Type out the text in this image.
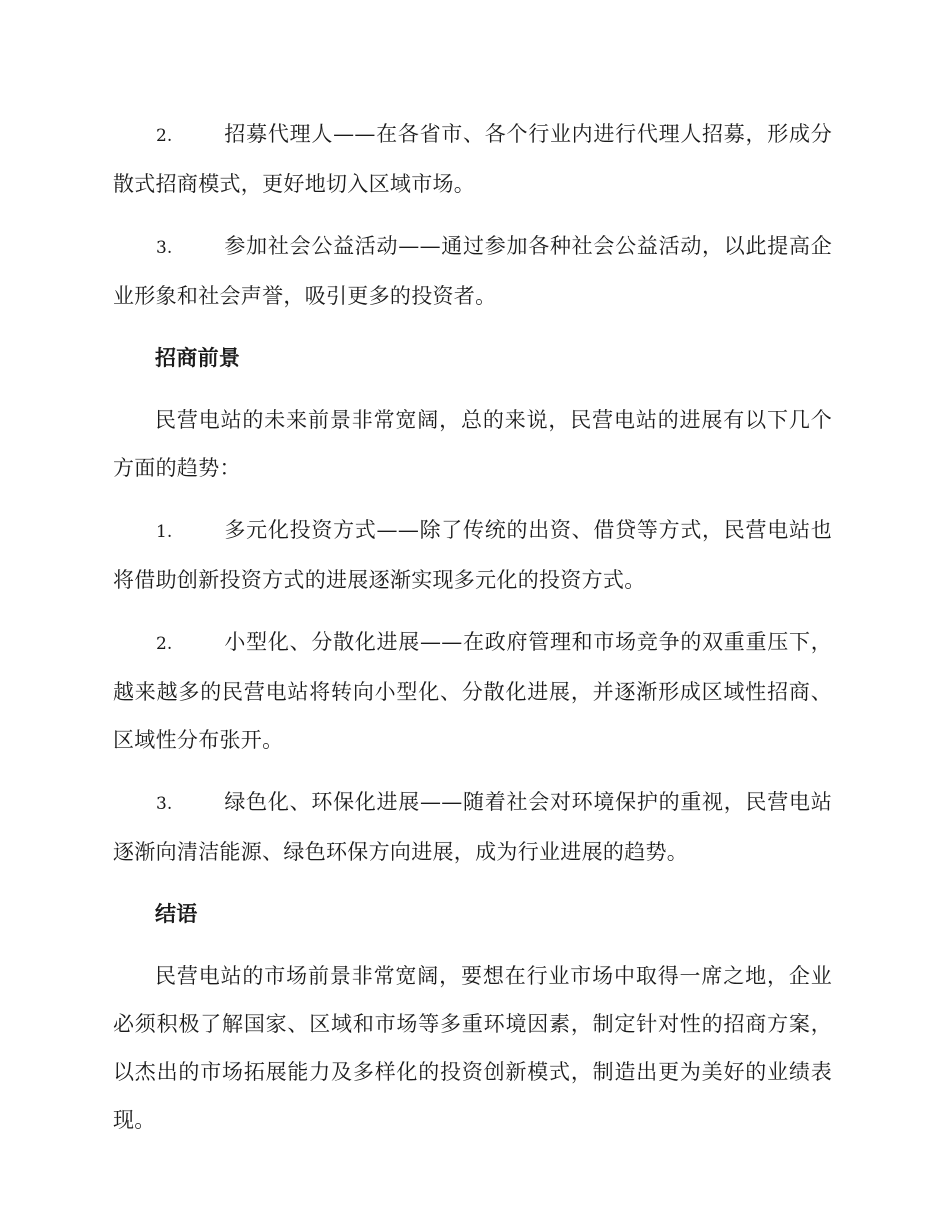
2. 招募代理人——在各省市、各个行业内进行代理人招募，形成分散式招商模式，更好地切入区域市场。

3. 参加社会公益活动——通过参加各种社会公益活动，以此提高企业形象和社会声誉，吸引更多的投资者。

招商前景

民营电站的未来前景非常宽阔，总的来说，民营电站的进展有以下几个方面的趋势：

1. 多元化投资方式——除了传统的出资、借贷等方式，民营电站也将借助创新投资方式的进展逐渐实现多元化的投资方式。

2. 小型化、分散化进展——在政府管理和市场竞争的双重重压下，越来越多的民营电站将转向小型化、分散化进展，并逐渐形成区域性招商、区域性分布张开。

3. 绿色化、环保化进展——随着社会对环境保护的重视，民营电站逐渐向清洁能源、绿色环保方向进展，成为行业进展的趋势。

结语

民营电站的市场前景非常宽阔，要想在行业市场中取得一席之地，企业必须积极了解国家、区域和市场等多重环境因素，制定针对性的招商方案，以杰出的市场拓展能力及多样化的投资创新模式，制造出更为美好的业绩表现。
